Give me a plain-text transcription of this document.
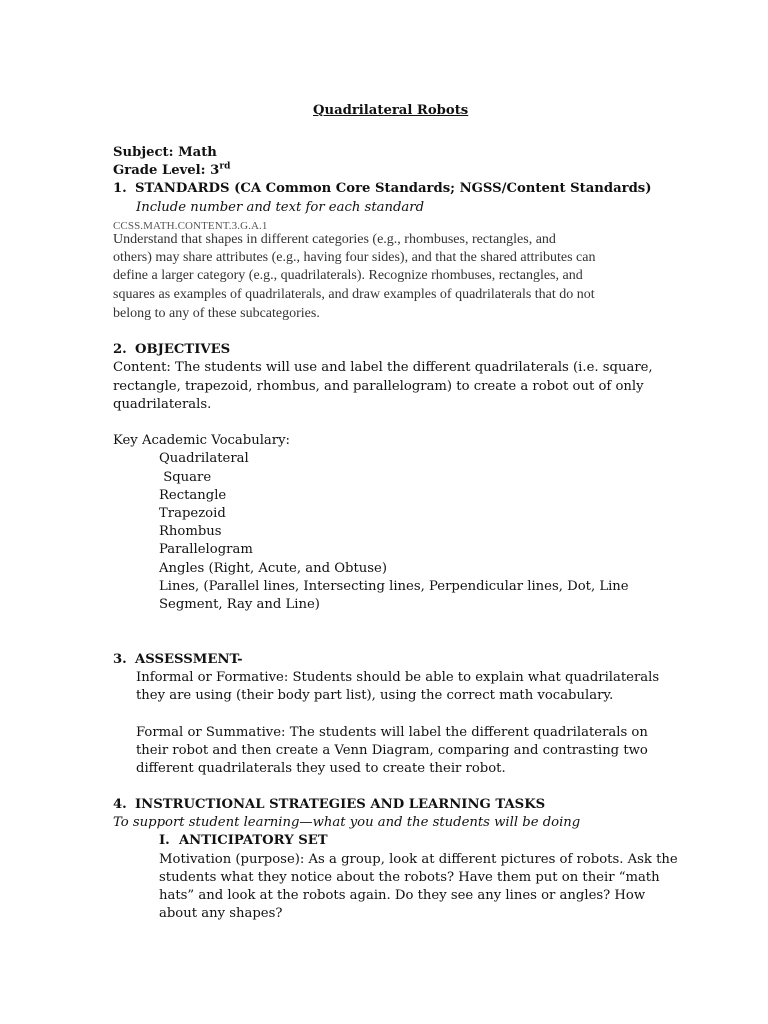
Quadrilateral Robots
Subject: Math
Grade Level: 3rd
1. STANDARDS (CA Common Core Standards; NGSS/Content Standards)
Include number and text for each standard
CCSS.MATH.CONTENT.3.G.A.1
Understand that shapes in different categories (e.g., rhombuses, rectangles, and
others) may share attributes (e.g., having four sides), and that the shared attributes can
define a larger category (e.g., quadrilaterals). Recognize rhombuses, rectangles, and
squares as examples of quadrilaterals, and draw examples of quadrilaterals that do not
belong to any of these subcategories.
2. OBJECTIVES
Content: The students will use and label the different quadrilaterals (i.e. square,
rectangle, trapezoid, rhombus, and parallelogram) to create a robot out of only
quadrilaterals.
Key Academic Vocabulary:
Quadrilateral
Square
Rectangle
Trapezoid
Rhombus
Parallelogram
Angles (Right, Acute, and Obtuse)
Lines, (Parallel lines, Intersecting lines, Perpendicular lines, Dot, Line
Segment, Ray and Line)
3. ASSESSMENT-
Informal or Formative: Students should be able to explain what quadrilaterals
they are using (their body part list), using the correct math vocabulary.
Formal or Summative: The students will label the different quadrilaterals on
their robot and then create a Venn Diagram, comparing and contrasting two
different quadrilaterals they used to create their robot.
4. INSTRUCTIONAL STRATEGIES AND LEARNING TASKS
To support student learning—what you and the students will be doing
I.  ANTICIPATORY SET
Motivation (purpose): As a group, look at different pictures of robots. Ask the
students what they notice about the robots? Have them put on their “math
hats” and look at the robots again. Do they see any lines or angles? How
about any shapes?
